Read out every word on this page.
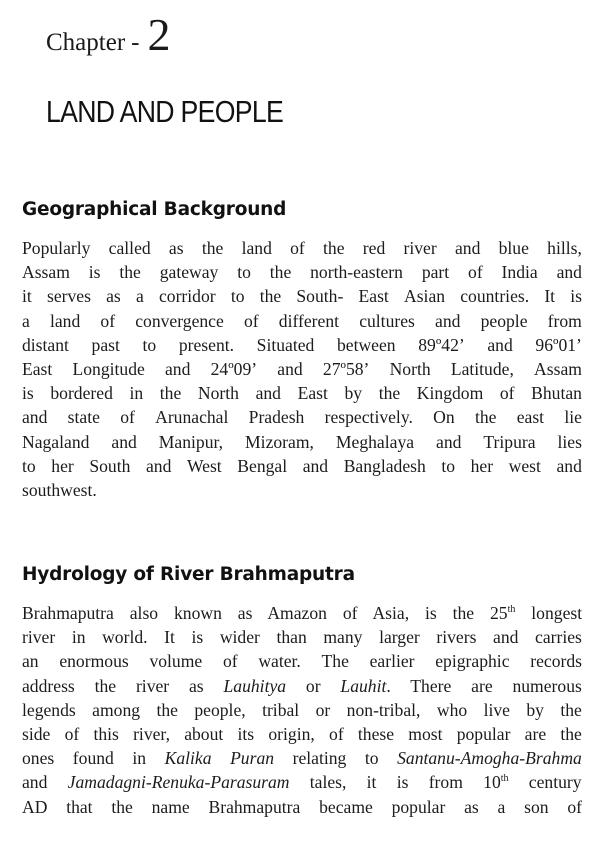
Chapter - 2
LAND AND PEOPLE
Geographical Background
Popularly called as the land of the red river and blue hills,
Assam is the gateway to the north-eastern part of India and
it serves as a corridor to the South- East Asian countries. It is
a land of convergence of different cultures and people from
distant past to present. Situated between 89º42’ and 96º01’
East Longitude and 24º09’ and 27º58’ North Latitude, Assam
is bordered in the North and East by the Kingdom of Bhutan
and state of Arunachal Pradesh respectively. On the east lie
Nagaland and Manipur, Mizoram, Meghalaya and Tripura lies
to her South and West Bengal and Bangladesh to her west and
southwest.
Hydrology of River Brahmaputra
Brahmaputra also known as Amazon of Asia, is the 25th longest
river in world. It is wider than many larger rivers and carries
an enormous volume of water. The earlier epigraphic records
address the river as Lauhitya or Lauhit. There are numerous
legends among the people, tribal or non-tribal, who live by the
side of this river, about its origin, of these most popular are the
ones found in Kalika Puran relating to Santanu-Amogha-Brahma
and Jamadagni-Renuka-Parasuram tales, it is from 10th century
AD that the name Brahmaputra became popular as a son of
